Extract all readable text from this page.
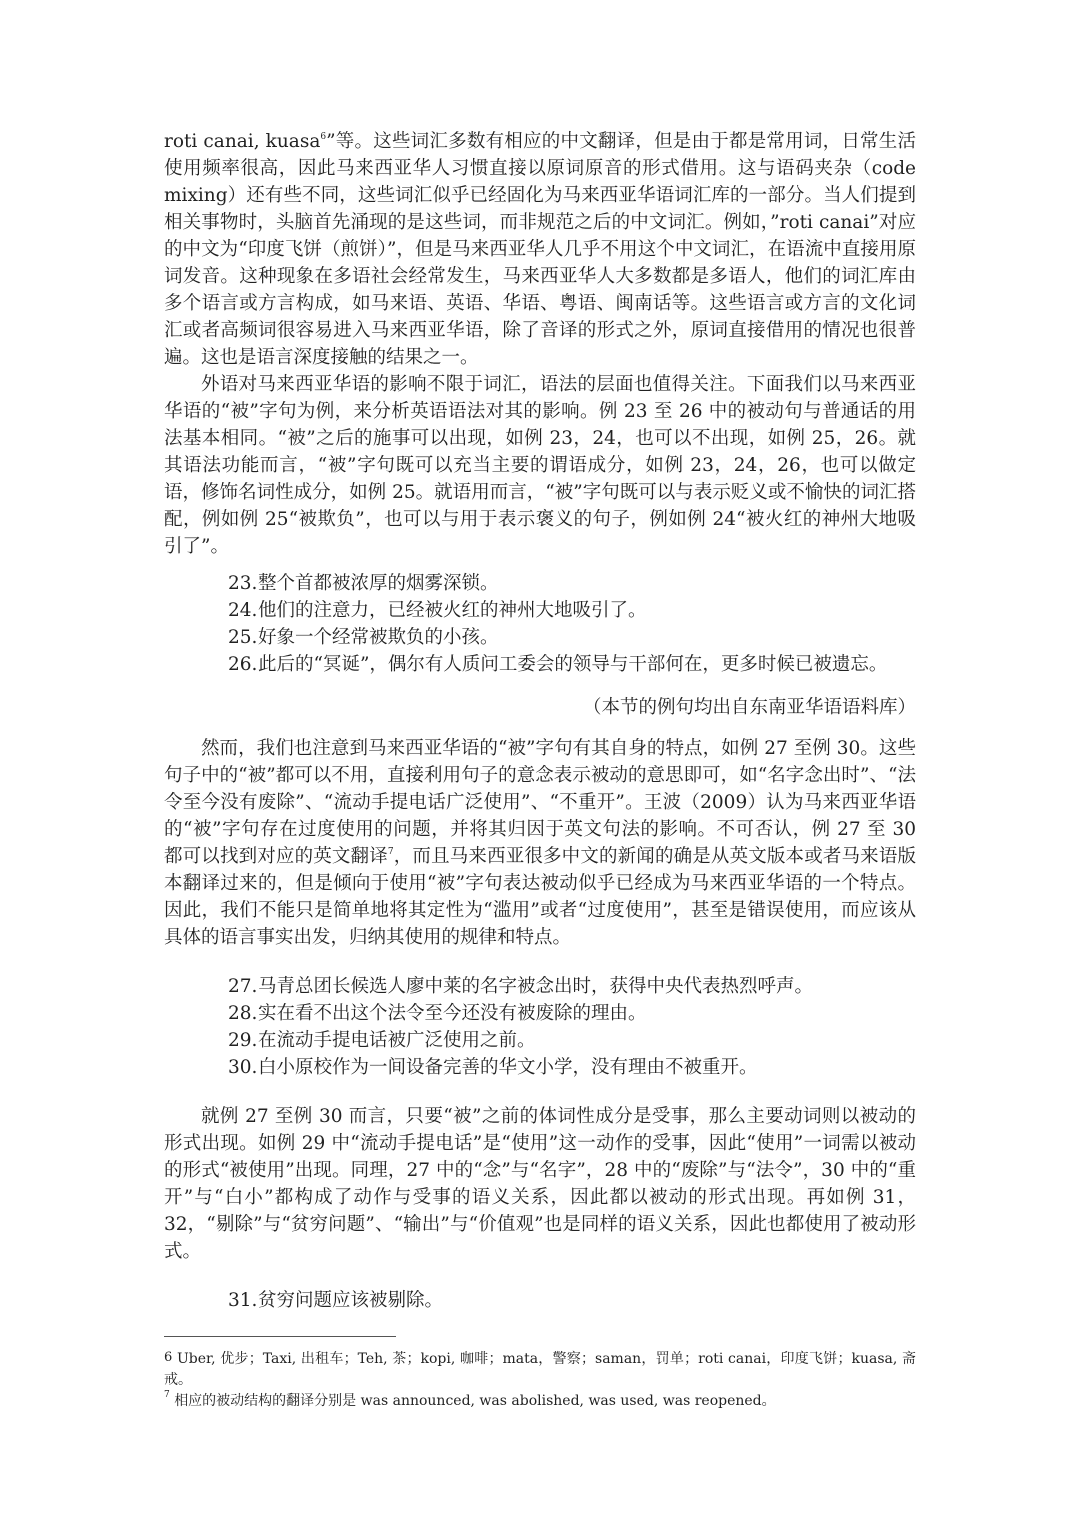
roti canai, kuasa$^6$”等。这些词汇多数有相应的中文翻译，但是由于都是常用词，日常生活使用频率很高，因此马来西亚华人习惯直接以原词原音的形式借用。这与语码夹杂（code mixing）还有些不同，这些词汇似乎已经固化为马来西亚华语词汇库的一部分。当人们提到相关事物时，头脑首先涌现的是这些词，而非规范之后的中文词汇。例如，”roti canai”对应的中文为“印度飞饼（煎饼）”，但是马来西亚华人几乎不用这个中文词汇，在语流中直接用原词发音。这种现象在多语社会经常发生，马来西亚华人大多数都是多语人，他们的词汇库由多个语言或方言构成，如马来语、英语、华语、粤语、闽南话等。这些语言或方言的文化词汇或者高频词很容易进入马来西亚华语，除了音译的形式之外，原词直接借用的情况也很普遍。这也是语言深度接触的结果之一。

外语对马来西亚华语的影响不限于词汇，语法的层面也值得关注。下面我们以马来西亚华语的“被”字句为例，来分析英语语法对其的影响。例 23 至 26 中的被动句与普通话的用法基本相同。“被”之后的施事可以出现，如例 23，24，也可以不出现，如例 25，26。就其语法功能而言，“被”字句既可以充当主要的谓语成分，如例 23，24，26，也可以做定语，修饰名词性成分，如例 25。就语用而言，“被”字句既可以与表示贬义或不愉快的词汇搭配，例如例 25“被欺负”，也可以与用于表示褒义的句子，例如例 24“被火红的神州大地吸引了”。

23. 整个首都被浓厚的烟雾深锁。
24. 他们的注意力，已经被火红的神州大地吸引了。
25. 好象一个经常被欺负的小孩。
26. 此后的“冥诞”，偶尔有人质问工委会的领导与干部何在，更多时候已被遗忘。

（本节的例句均出自东南亚华语语料库）

然而，我们也注意到马来西亚华语的“被”字句有其自身的特点，如例 27 至例 30。这些句子中的“被”都可以不用，直接利用句子的意念表示被动的意思即可，如“名字念出时”、“法令至今没有废除”、“流动手提电话广泛使用”、“不重开”。王波（2009）认为马来西亚华语的“被”字句存在过度使用的问题，并将其归因于英文句法的影响。不可否认，例 27 至 30 都可以找到对应的英文翻译$^7$，而且马来西亚很多中文的新闻的确是从英文版本或者马来语版本翻译过来的，但是倾向于使用“被”字句表达被动似乎已经成为马来西亚华语的一个特点。因此，我们不能只是简单地将其定性为“滥用”或者“过度使用”，甚至是错误使用，而应该从具体的语言事实出发，归纳其使用的规律和特点。

27. 马青总团长候选人廖中莱的名字被念出时，获得中央代表热烈呼声。
28. 实在看不出这个法令至今还没有被废除的理由。
29. 在流动手提电话被广泛使用之前。
30. 白小原校作为一间设备完善的华文小学，没有理由不被重开。

就例 27 至例 30 而言，只要“被”之前的体词性成分是受事，那么主要动词则以被动的形式出现。如例 29 中“流动手提电话”是“使用”这一动作的受事，因此“使用”一词需以被动的形式“被使用”出现。同理，27 中的“念”与“名字”，28 中的“废除”与“法令”，30 中的“重开”与“白小”都构成了动作与受事的语义关系，因此都以被动的形式出现。再如例 31， 32，“剔除”与“贫穷问题”、“输出”与“价值观”也是同样的语义关系，因此也都使用了被动形式。

31. 贫穷问题应该被剔除。

$^6$ Uber, 优步；Taxi, 出租车；Teh, 茶；kopi, 咖啡；mata，警察；saman，罚单；roti canai，印度飞饼；kuasa, 斋戒。

$^7$ 相应的被动结构的翻译分别是 was announced, was abolished, was used, was reopened。
